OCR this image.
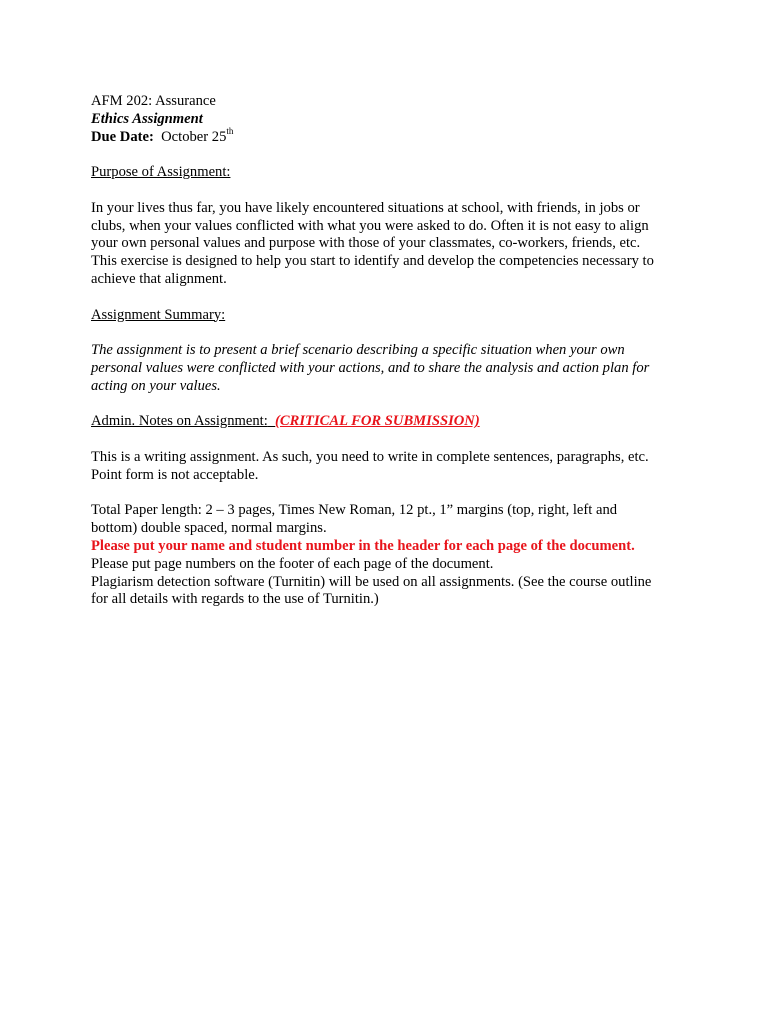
AFM 202: Assurance
Ethics Assignment
Due Date: October 25th
Purpose of Assignment:
In your lives thus far, you have likely encountered situations at school, with friends, in jobs or
clubs, when your values conflicted with what you were asked to do. Often it is not easy to align
your own personal values and purpose with those of your classmates, co-workers, friends, etc.
This exercise is designed to help you start to identify and develop the competencies necessary to
achieve that alignment.
Assignment Summary:
The assignment is to present a brief scenario describing a specific situation when your own
personal values were conflicted with your actions, and to share the analysis and action plan for
acting on your values.
Admin. Notes on Assignment: (CRITICAL FOR SUBMISSION)
This is a writing assignment. As such, you need to write in complete sentences, paragraphs, etc.
Point form is not acceptable.
Total Paper length: 2 – 3 pages, Times New Roman, 12 pt., 1” margins (top, right, left and
bottom) double spaced, normal margins.
Please put your name and student number in the header for each page of the document.
Please put page numbers on the footer of each page of the document.
Plagiarism detection software (Turnitin) will be used on all assignments. (See the course outline
for all details with regards to the use of Turnitin.)
